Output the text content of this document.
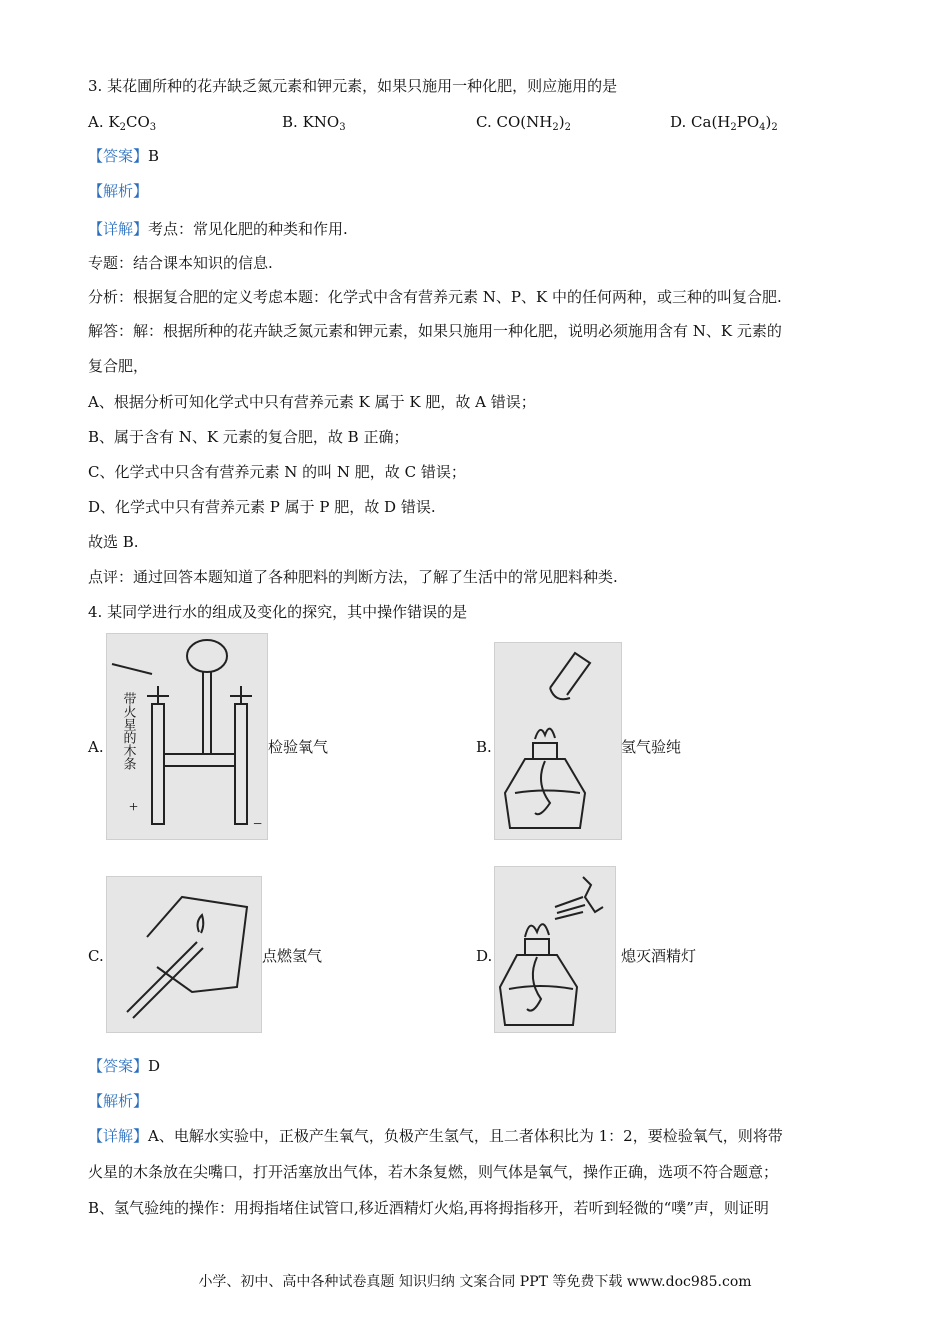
3. 某花圃所种的花卉缺乏氮元素和钾元素，如果只施用一种化肥，则应施用的是
A. $K_2CO_3$	B. $KNO_3$	C. $CO(NH_2)_2$	D. $Ca(H_2PO_4)_2$
【答案】B
【解析】
【详解】考点：常见化肥的种类和作用.
专题：结合课本知识的信息.
分析：根据复合肥的定义考虑本题：化学式中含有营养元素 N、P、K 中的任何两种，或三种的叫复合肥.
解答：解：根据所种的花卉缺乏氮元素和钾元素，如果只施用一种化肥，说明必须施用含有 N、K 元素的
复合肥，
A、根据分析可知化学式中只有营养元素 K 属于 K 肥，故 A 错误；
B、属于含有 N、K 元素的复合肥，故 B 正确；
C、化学式中只含有营养元素 N 的叫 N 肥，故 C 错误；
D、化学式中只有营养元素 P 属于 P 肥，故 D 错误.
故选 B.
点评：通过回答本题知道了各种肥料的判断方法，了解了生活中的常见肥料种类.
4. 某同学进行水的组成及变化的探究，其中操作错误的是
A.
+
−
带火星的木条	检验氧气	B.	氢气验纯
C.	点燃氢气	D.	熄灭酒精灯
【答案】D
【解析】
【详解】A、电解水实验中，正极产生氧气，负极产生氢气，且二者体积比为 1：2，要检验氧气，则将带
火星的木条放在尖嘴口，打开活塞放出气体，若木条复燃，则气体是氧气，操作正确，选项不符合题意；
B、氢气验纯的操作：用拇指堵住试管口,移近酒精灯火焰,再将拇指移开，若听到轻微的“噗”声，则证明
小学、初中、高中各种试卷真题 知识归纳 文案合同 PPT 等免费下载 www.doc985.com
